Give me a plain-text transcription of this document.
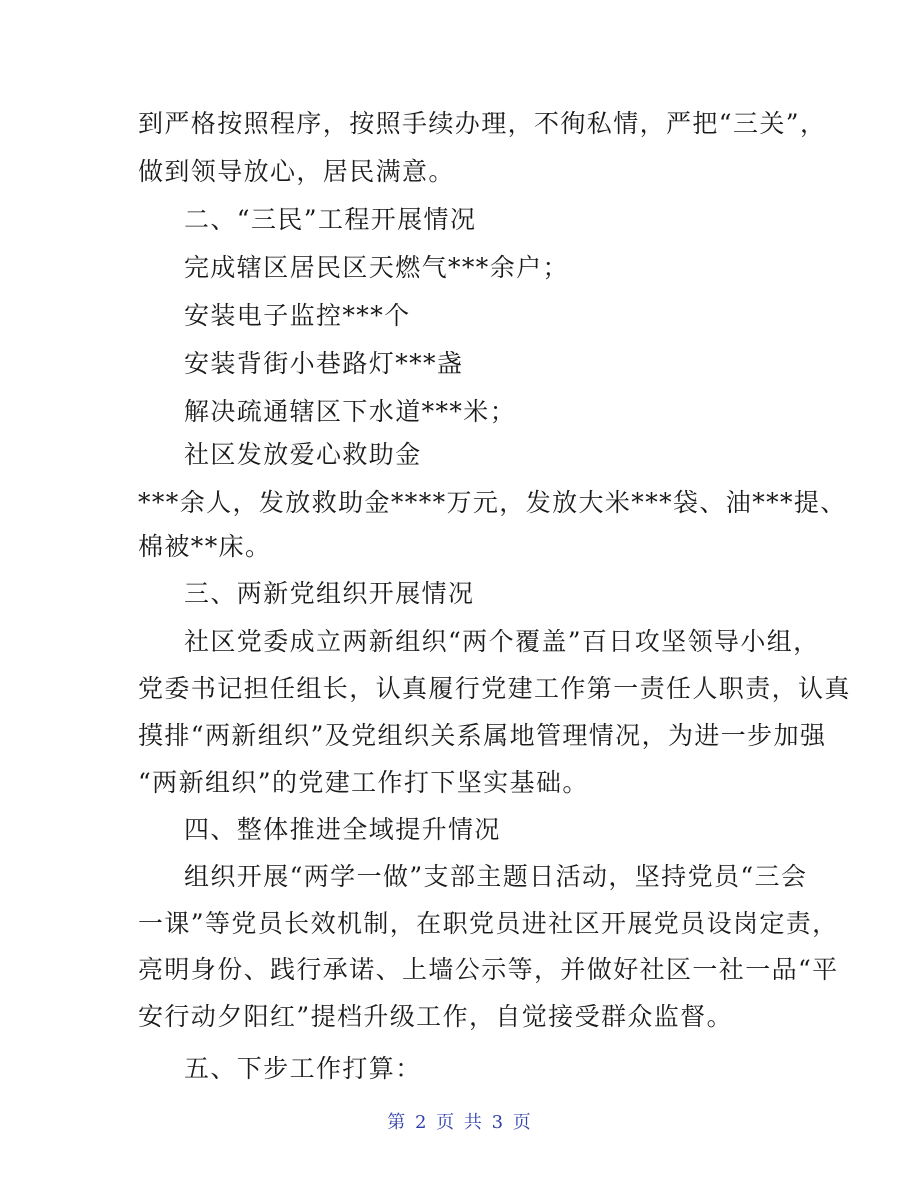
到严格按照程序，按照手续办理，不徇私情，严把“三关”，
做到领导放心，居民满意。
二、“三民”工程开展情况
完成辖区居民区天燃气***余户；
安装电子监控***个
安装背街小巷路灯***盏
解决疏通辖区下水道***米；
社区发放爱心救助金
***余人，发放救助金****万元，发放大米***袋、油***提、
棉被**床。
三、两新党组织开展情况
社区党委成立两新组织“两个覆盖”百日攻坚领导小组，
党委书记担任组长，认真履行党建工作第一责任人职责，认真
摸排“两新组织”及党组织关系属地管理情况，为进一步加强
“两新组织”的党建工作打下坚实基础。
四、整体推进全域提升情况
组织开展“两学一做”支部主题日活动，坚持党员“三会
一课”等党员长效机制，在职党员进社区开展党员设岗定责，
亮明身份、践行承诺、上墙公示等，并做好社区一社一品“平
安行动夕阳红”提档升级工作，自觉接受群众监督。
五、下步工作打算：
第 2 页 共 3 页
